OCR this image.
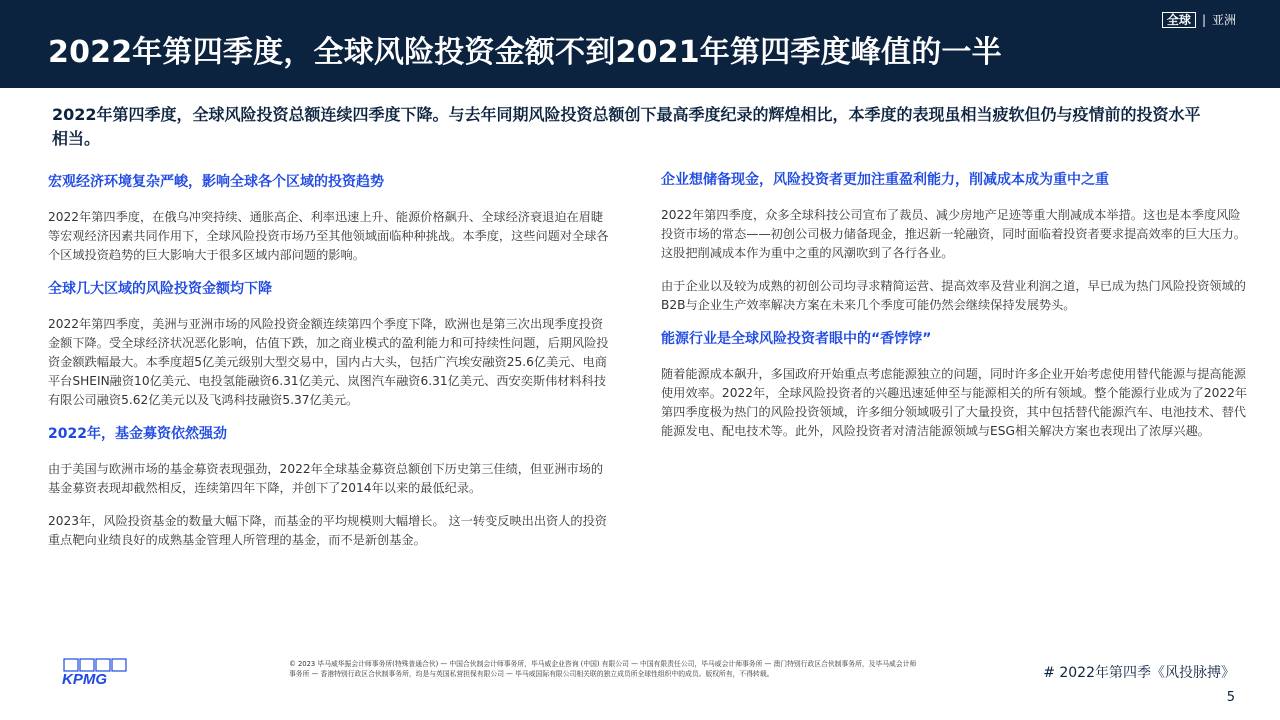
2022年第四季度，全球风险投资金额不到2021年第四季度峰值的一半
全球 | 亚洲
2022年第四季度，全球风险投资总额连续四季度下降。与去年同期风险投资总额创下最高季度纪录的辉煌相比，本季度的表现虽相当疲软但仍与疫情前的投资水平相当。
宏观经济环境复杂严峻，影响全球各个区域的投资趋势
2022年第四季度，在俄乌冲突持续、通胀高企、利率迅速上升、能源价格飙升、全球经济衰退迫在眉睫等宏观经济因素共同作用下，全球风险投资市场乃至其他领域面临种种挑战。本季度，这些问题对全球各个区域投资趋势的巨大影响大于很多区域内部问题的影响。
全球几大区域的风险投资金额均下降
2022年第四季度，美洲与亚洲市场的风险投资金额连续第四个季度下降，欧洲也是第三次出现季度投资金额下降。受全球经济状况恶化影响，估值下跌，加之商业模式的盈利能力和可持续性问题，后期风险投资金额跌幅最大。本季度超5亿美元级别大型交易中，国内占大头，包括广汽埃安融资25.6亿美元、电商平台SHEIN融资10亿美元、电投氢能融资6.31亿美元、岚图汽车融资6.31亿美元、西安奕斯伟材料科技有限公司融资5.62亿美元以及飞鸿科技融资5.37亿美元。
2022年，基金募资依然强劲
由于美国与欧洲市场的基金募资表现强劲，2022年全球基金募资总额创下历史第三佳绩，但亚洲市场的基金募资表现却截然相反，连续第四年下降，并创下了2014年以来的最低纪录。
2023年，风险投资基金的数量大幅下降，而基金的平均规模则大幅增长。 这一转变反映出出资人的投资重点靶向业绩良好的成熟基金管理人所管理的基金，而不是新创基金。
企业想储备现金，风险投资者更加注重盈利能力，削减成本成为重中之重
2022年第四季度，众多全球科技公司宣布了裁员、减少房地产足迹等重大削减成本举措。这也是本季度风险投资市场的常态——初创公司极力储备现金，推迟新一轮融资，同时面临着投资者要求提高效率的巨大压力。这股把削减成本作为重中之重的风潮吹到了各行各业。
由于企业以及较为成熟的初创公司均寻求精简运营、提高效率及营业利润之道，早已成为热门风险投资领域的B2B与企业生产效率解决方案在未来几个季度可能仍然会继续保持发展势头。
能源行业是全球风险投资者眼中的“香饽饽”
随着能源成本飙升，多国政府开始重点考虑能源独立的问题，同时许多企业开始考虑使用替代能源与提高能源使用效率。2022年，全球风险投资者的兴趣迅速延伸至与能源相关的所有领域。整个能源行业成为了2022年第四季度极为热门的风险投资领域，许多细分领域吸引了大量投资，其中包括替代能源汽车、电池技术、替代能源发电、配电技术等。此外，风险投资者对清洁能源领域与ESG相关解决方案也表现出了浓厚兴趣。
KPMG
© 2023 毕马威华振会计师事务所(特殊普通合伙) — 中国合伙制会计师事务所，毕马威企业咨询 (中国) 有限公司 — 中国有限责任公司，毕马威会计师事务所 — 澳门特别行政区合伙制事务所，及毕马威会计师事务所 — 香港特别行政区合伙制事务所，均是与英国私营担保有限公司 — 毕马威国际有限公司相关联的独立成员所全球性组织中的成员。版权所有，不得转载。	# 2022年第四季《风投脉搏》
5
